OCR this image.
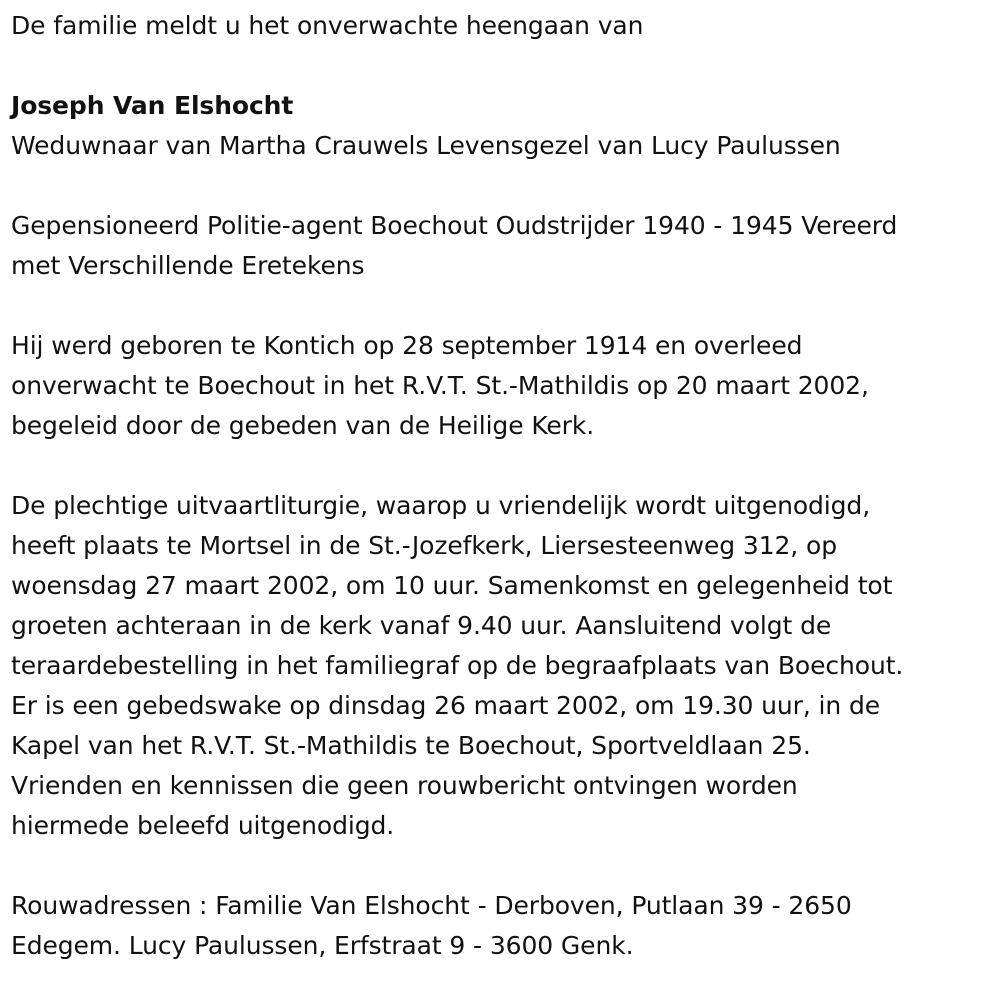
De familie meldt u het onverwachte heengaan van
Joseph Van Elshocht
Weduwnaar van Martha Crauwels Levensgezel van Lucy Paulussen
Gepensioneerd Politie-agent Boechout Oudstrijder 1940 - 1945 Vereerd
met Verschillende Eretekens
Hij werd geboren te Kontich op 28 september 1914 en overleed
onverwacht te Boechout in het R.V.T. St.-Mathildis op 20 maart 2002,
begeleid door de gebeden van de Heilige Kerk.
De plechtige uitvaartliturgie, waarop u vriendelijk wordt uitgenodigd,
heeft plaats te Mortsel in de St.-Jozefkerk, Liersesteenweg 312, op
woensdag 27 maart 2002, om 10 uur. Samenkomst en gelegenheid tot
groeten achteraan in de kerk vanaf 9.40 uur. Aansluitend volgt de
teraardebestelling in het familiegraf op de begraafplaats van Boechout.
Er is een gebedswake op dinsdag 26 maart 2002, om 19.30 uur, in de
Kapel van het R.V.T. St.-Mathildis te Boechout, Sportveldlaan 25.
Vrienden en kennissen die geen rouwbericht ontvingen worden
hiermede beleefd uitgenodigd.
Rouwadressen : Familie Van Elshocht - Derboven, Putlaan 39 - 2650
Edegem. Lucy Paulussen, Erfstraat 9 - 3600 Genk.
